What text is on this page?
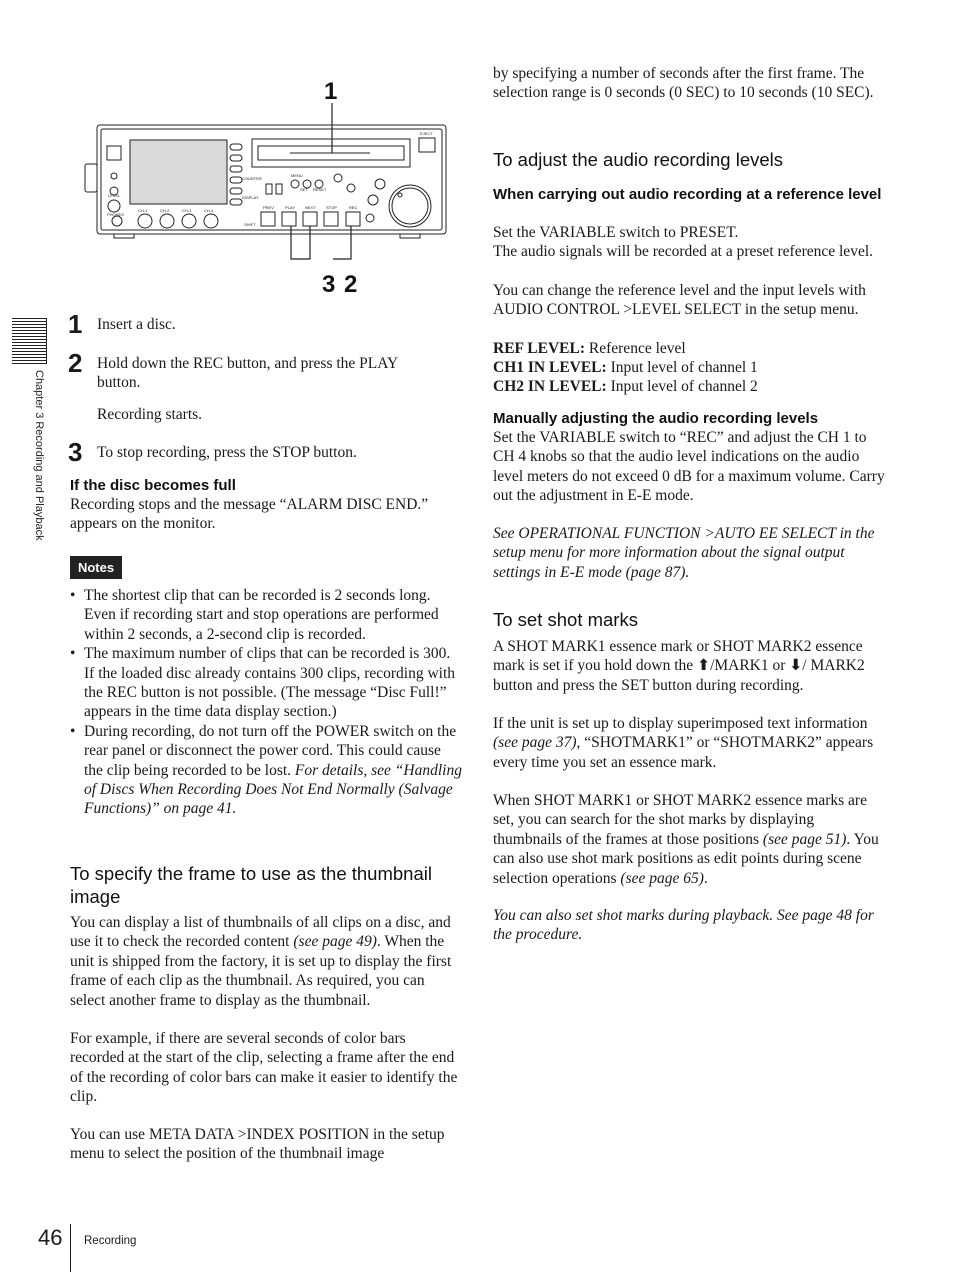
Chapter 3 Recording and Playback
EJECT
MENU
SET RESET
PREV	PLAY	NEXT	STOP	REC
CH-1	CH-2	CH-3	CH-4
PHONES
LEVEL	DISPLAY
SHIFT
COUNTER
1
3 2
1 Insert a disc.

2 Hold down the REC button, and press the PLAY button.

Recording starts.

3 To stop recording, press the STOP button.

If the disc becomes full

Recording stops and the message “ALARM DISC END.” appears on the monitor.

Notes
• The shortest clip that can be recorded is 2 seconds long. Even if recording start and stop operations are performed within 2 seconds, a 2-second clip is recorded.
• The maximum number of clips that can be recorded is 300. If the loaded disc already contains 300 clips, recording with the REC button is not possible. (The message “Disc Full!” appears in the time data display section.)
• During recording, do not turn off the POWER switch on the rear panel or disconnect the power cord. This could cause the clip being recorded to be lost. For details, see “Handling of Discs When Recording Does Not End Normally (Salvage Functions)” on page 41.
To specify the frame to use as the thumbnail image

You can display a list of thumbnails of all clips on a disc, and use it to check the recorded content (see page 49). When the unit is shipped from the factory, it is set up to display the first frame of each clip as the thumbnail. As required, you can select another frame to display as the thumbnail.

For example, if there are several seconds of color bars recorded at the start of the clip, selecting a frame after the end of the recording of color bars can make it easier to identify the clip.

You can use META DATA >INDEX POSITION in the setup menu to select the position of the thumbnail image

by specifying a number of seconds after the first frame. The selection range is 0 seconds (0 SEC) to 10 seconds (10 SEC).

To adjust the audio recording levels
When carrying out audio recording at a reference level

Set the VARIABLE switch to PRESET.

The audio signals will be recorded at a preset reference level.

You can change the reference level and the input levels with AUDIO CONTROL >LEVEL SELECT in the setup menu.

REF LEVEL: Reference level

CH1 IN LEVEL: Input level of channel 1

CH2 IN LEVEL: Input level of channel 2

Manually adjusting the audio recording levels

Set the VARIABLE switch to “REC” and adjust the CH 1 to CH 4 knobs so that the audio level indications on the audio level meters do not exceed 0 dB for a maximum volume. Carry out the adjustment in E-E mode.

See OPERATIONAL FUNCTION >AUTO EE SELECT in the setup menu for more information about the signal output settings in E-E mode (page 87).

To set shot marks

A SHOT MARK1 essence mark or SHOT MARK2 essence mark is set if you hold down the ⬆/MARK1 or ⬇/ MARK2 button and press the SET button during recording.

If the unit is set up to display superimposed text information (see page 37), “SHOTMARK1” or “SHOTMARK2” appears every time you set an essence mark.

When SHOT MARK1 or SHOT MARK2 essence marks are set, you can search for the shot marks by displaying thumbnails of the frames at those positions (see page 51). You can also use shot mark positions as edit points during scene selection operations (see page 65).

You can also set shot marks during playback. See page 48 for the procedure.

46 Recording
